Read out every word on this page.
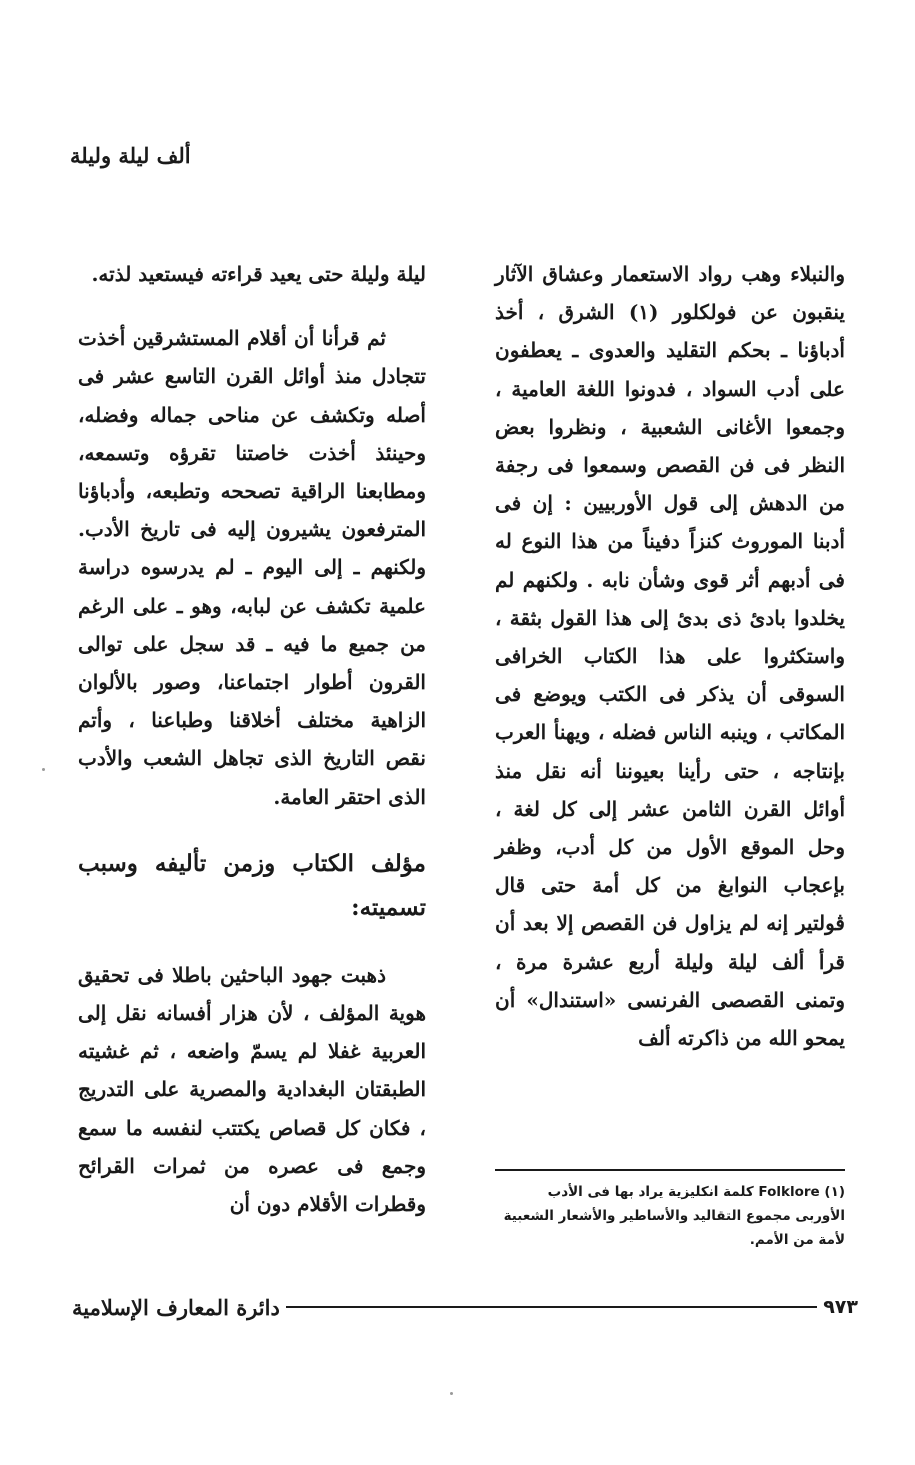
ألف ليلة وليلة

والنبلاء وهب رواد الاستعمار وعشاق الآثار ينقبون عن فولكلور (١) الشرق ، أخذ أدباؤنا ـ بحكم التقليد والعدوى ـ يعطفون على أدب السواد ، فدونوا اللغة العامية ، وجمعوا الأغانى الشعبية ، ونظروا بعض النظر فى فن القصص وسمعوا فى رجفة من الدهش إلى قول الأوربيين : إن فى أدبنا الموروث كنزاً دفيناً من هذا النوع له فى أدبهم أثر قوى وشأن نابه . ولكنهم لم يخلدوا بادئ ذى بدئ إلى هذا القول بثقة ، واستكثروا على هذا الكتاب الخرافى السوقى أن يذكر فى الكتب ويوضع فى المكاتب ، وينبه الناس فضله ، ويهنأ العرب بإنتاجه ، حتى رأينا بعيوننا أنه نقل منذ أوائل القرن الثامن عشر إلى كل لغة ، وحل الموقع الأول من كل أدب، وظفر بإعجاب النوابغ من كل أمة حتى قال ڤولتير إنه لم يزاول فن القصص إلا بعد أن قرأ ألف ليلة وليلة أربع عشرة مرة ، وتمنى القصصى الفرنسى «استندال» أن يمحو الله من ذاكرته ألف

ليلة وليلة حتى يعيد قراءته فيستعيد لذته.

ثم قرأنا أن أقلام المستشرقين أخذت تتجادل منذ أوائل القرن التاسع عشر فى أصله وتكشف عن مناحى جماله وفضله، وحينئذ أخذت خاصتنا تقرؤه وتسمعه، ومطابعنا الراقية تصححه وتطبعه، وأدباؤنا المترفعون يشيرون إليه فى تاريخ الأدب. ولكنهم ـ إلى اليوم ـ لم يدرسوه دراسة علمية تكشف عن لبابه، وهو ـ على الرغم من جميع ما فيه ـ قد سجل على توالى القرون أطوار اجتماعنا، وصور بالألوان الزاهية مختلف أخلاقنا وطباعنا ، وأتم نقص التاريخ الذى تجاهل الشعب والأدب الذى احتقر العامة.

مؤلف الكتاب وزمن تأليفه وسبب تسميته:

ذهبت جهود الباحثين باطلا فى تحقيق هوية المؤلف ، لأن هزار أفسانه نقل إلى العربية غفلا لم يسمّ واضعه ، ثم غشيته الطبقتان البغدادية والمصرية على التدريج ، فكان كل قصاص يكتتب لنفسه ما سمع وجمع فى عصره من ثمرات القرائح وقطرات الأقلام دون أن

(١) Folklore كلمة انكليزية يراد بها فى الأدب الأوربى مجموع التقاليد والأساطير والأشعار الشعبية لأمة من الأمم.
دائرة المعارف الإسلامية	٩٧٣
